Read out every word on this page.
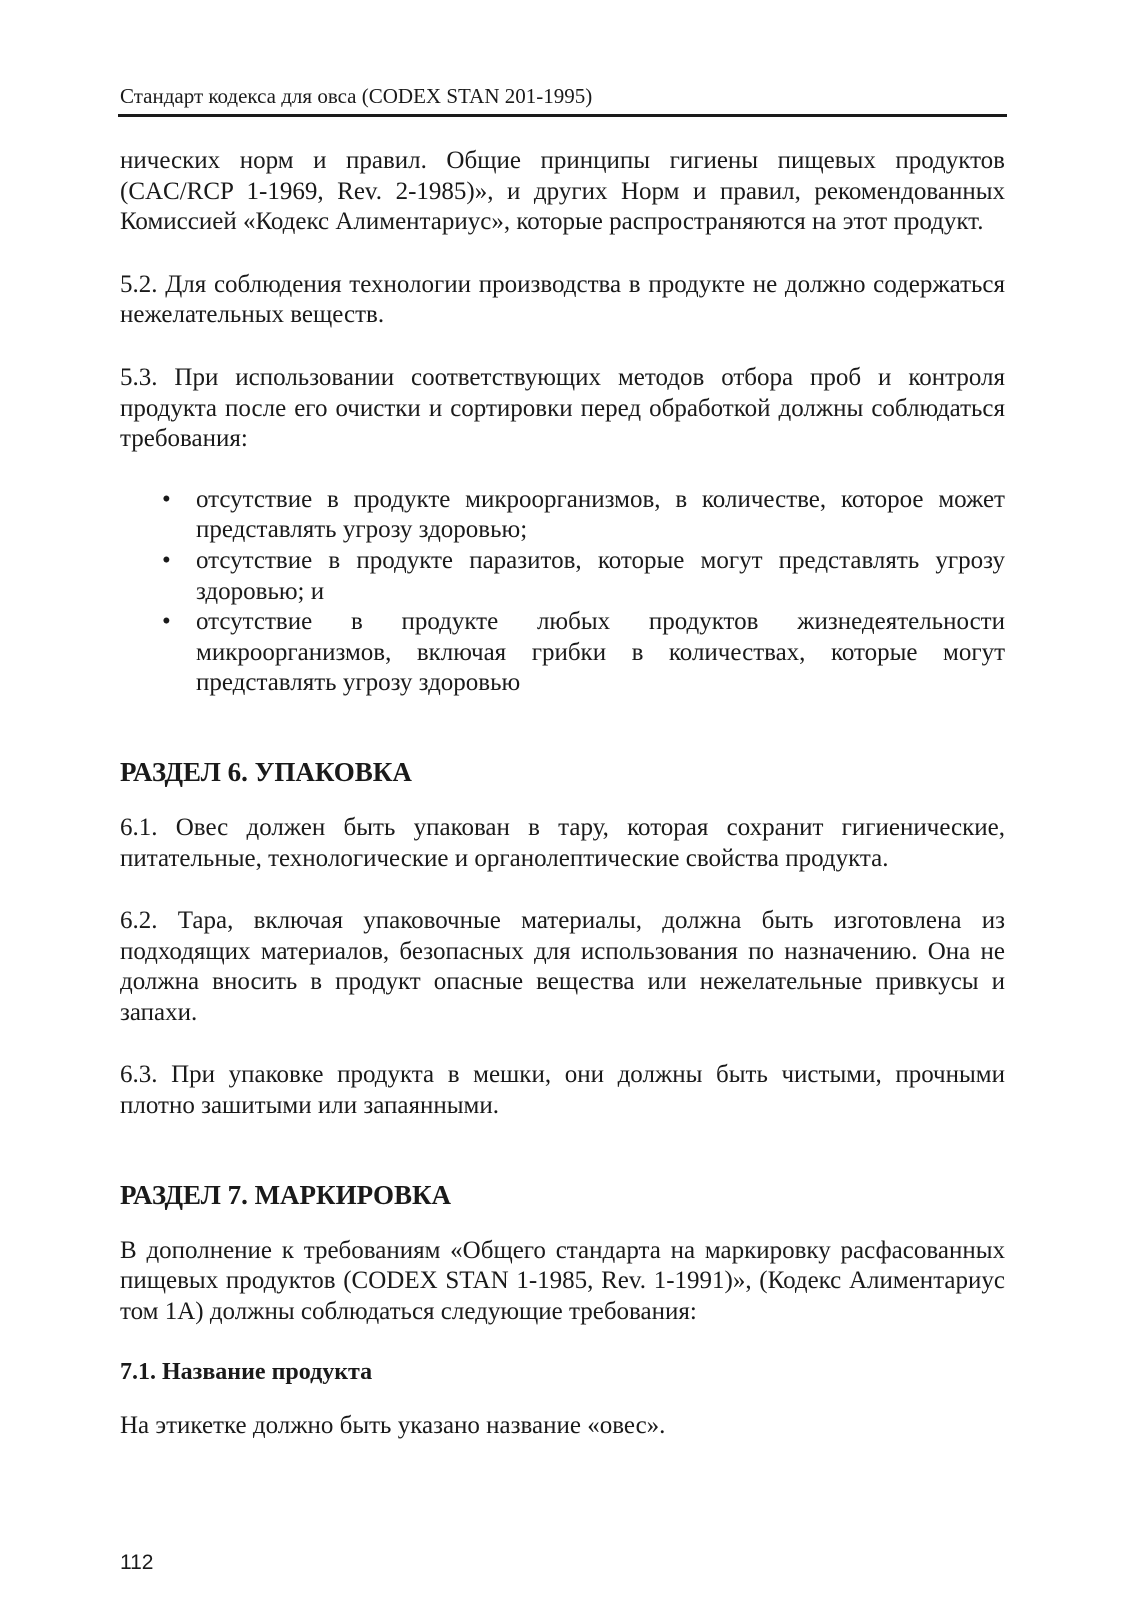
Стандарт кодекса для овса (CODEX STAN 201-1995)

нических норм и правил. Общие принципы гигиены пищевых продуктов (CAC/RCP 1-1969, Rev. 2-1985)», и других Норм и правил, рекомендованных Комиссией «Кодекс Алиментариус», которые распространяются на этот продукт.

5.2. Для соблюдения технологии производства в продукте не должно содержаться нежелательных веществ.

5.3. При использовании соответствующих методов отбора проб и контроля продукта после его очистки и сортировки перед обработкой должны соблюдаться требования:

• отсутствие в продукте микроорганизмов, в количестве, которое может представлять угрозу здоровью;
• отсутствие в продукте паразитов, которые могут представлять угрозу здоровью; и
• отсутствие в продукте любых продуктов жизнедеятельности микроорганизмов, включая грибки в количествах, которые могут представлять угрозу здоровью
РАЗДЕЛ 6. УПАКОВКА

6.1. Овес должен быть упакован в тару, которая сохранит гигиенические, питательные, технологические и органолептические свойства продукта.

6.2. Тара, включая упаковочные материалы, должна быть изготовлена из подходящих материалов, безопасных для использования по назначению. Она не должна вносить в продукт опасные вещества или нежелательные привкусы и запахи.

6.3. При упаковке продукта в мешки, они должны быть чистыми, прочными плотно зашитыми или запаянными.

РАЗДЕЛ 7. МАРКИРОВКА

В дополнение к требованиям «Общего стандарта на маркировку расфасованных пищевых продуктов (CODEX STAN 1-1985, Rev. 1-1991)», (Кодекс Алиментариус том 1А) должны соблюдаться следующие требования:

7.1. Название продукта

На этикетке должно быть указано название «овес».

112
